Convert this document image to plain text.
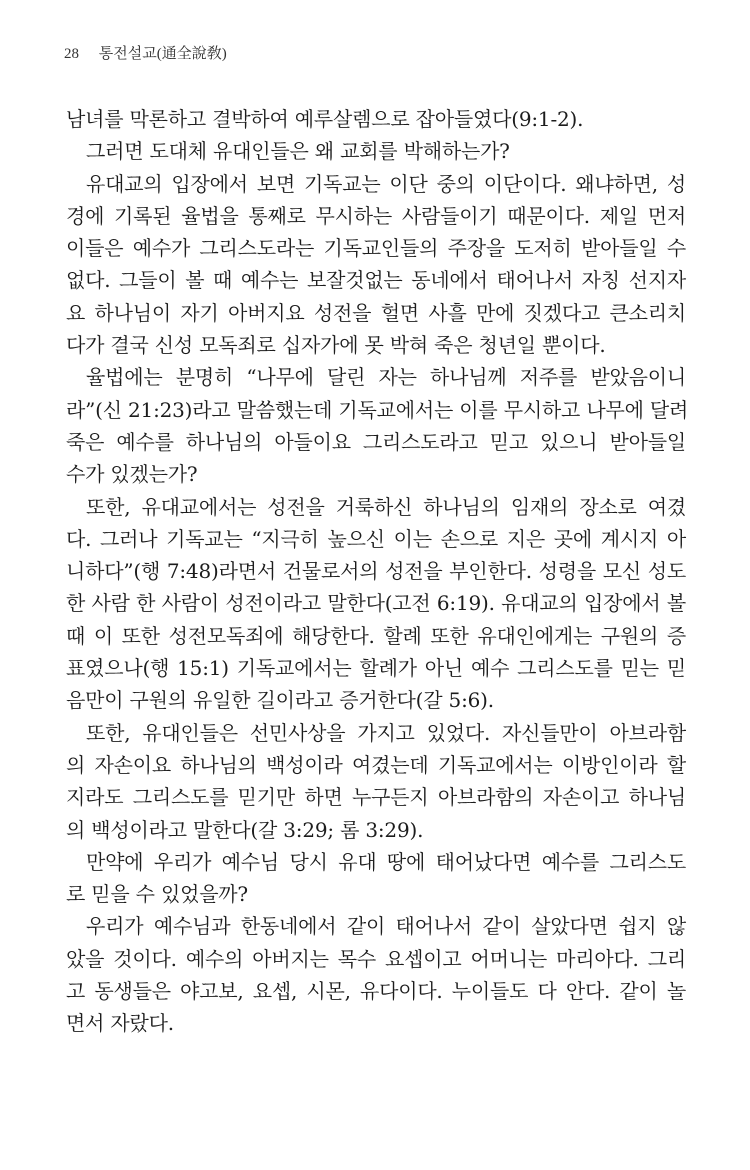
28 통전설교(通全說敎)
남녀를 막론하고 결박하여 예루살렘으로 잡아들였다(9:1-2).
그러면 도대체 유대인들은 왜 교회를 박해하는가?
유대교의 입장에서 보면 기독교는 이단 중의 이단이다. 왜냐하면, 성
경에 기록된 율법을 통째로 무시하는 사람들이기 때문이다. 제일 먼저
이들은 예수가 그리스도라는 기독교인들의 주장을 도저히 받아들일 수
없다. 그들이 볼 때 예수는 보잘것없는 동네에서 태어나서 자칭 선지자
요 하나님이 자기 아버지요 성전을 헐면 사흘 만에 짓겠다고 큰소리치
다가 결국 신성 모독죄로 십자가에 못 박혀 죽은 청년일 뿐이다.
율법에는 분명히 “나무에 달린 자는 하나님께 저주를 받았음이니
라”(신 21:23)라고 말씀했는데 기독교에서는 이를 무시하고 나무에 달려
죽은 예수를 하나님의 아들이요 그리스도라고 믿고 있으니 받아들일
수가 있겠는가?
또한, 유대교에서는 성전을 거룩하신 하나님의 임재의 장소로 여겼
다. 그러나 기독교는 “지극히 높으신 이는 손으로 지은 곳에 계시지 아
니하다”(행 7:48)라면서 건물로서의 성전을 부인한다. 성령을 모신 성도
한 사람 한 사람이 성전이라고 말한다(고전 6:19). 유대교의 입장에서 볼
때 이 또한 성전모독죄에 해당한다. 할례 또한 유대인에게는 구원의 증
표였으나(행 15:1) 기독교에서는 할례가 아닌 예수 그리스도를 믿는 믿
음만이 구원의 유일한 길이라고 증거한다(갈 5:6).
또한, 유대인들은 선민사상을 가지고 있었다. 자신들만이 아브라함
의 자손이요 하나님의 백성이라 여겼는데 기독교에서는 이방인이라 할
지라도 그리스도를 믿기만 하면 누구든지 아브라함의 자손이고 하나님
의 백성이라고 말한다(갈 3:29; 롬 3:29).
만약에 우리가 예수님 당시 유대 땅에 태어났다면 예수를 그리스도
로 믿을 수 있었을까?
우리가 예수님과 한동네에서 같이 태어나서 같이 살았다면 쉽지 않
았을 것이다. 예수의 아버지는 목수 요셉이고 어머니는 마리아다. 그리
고 동생들은 야고보, 요셉, 시몬, 유다이다. 누이들도 다 안다. 같이 놀
면서 자랐다.
